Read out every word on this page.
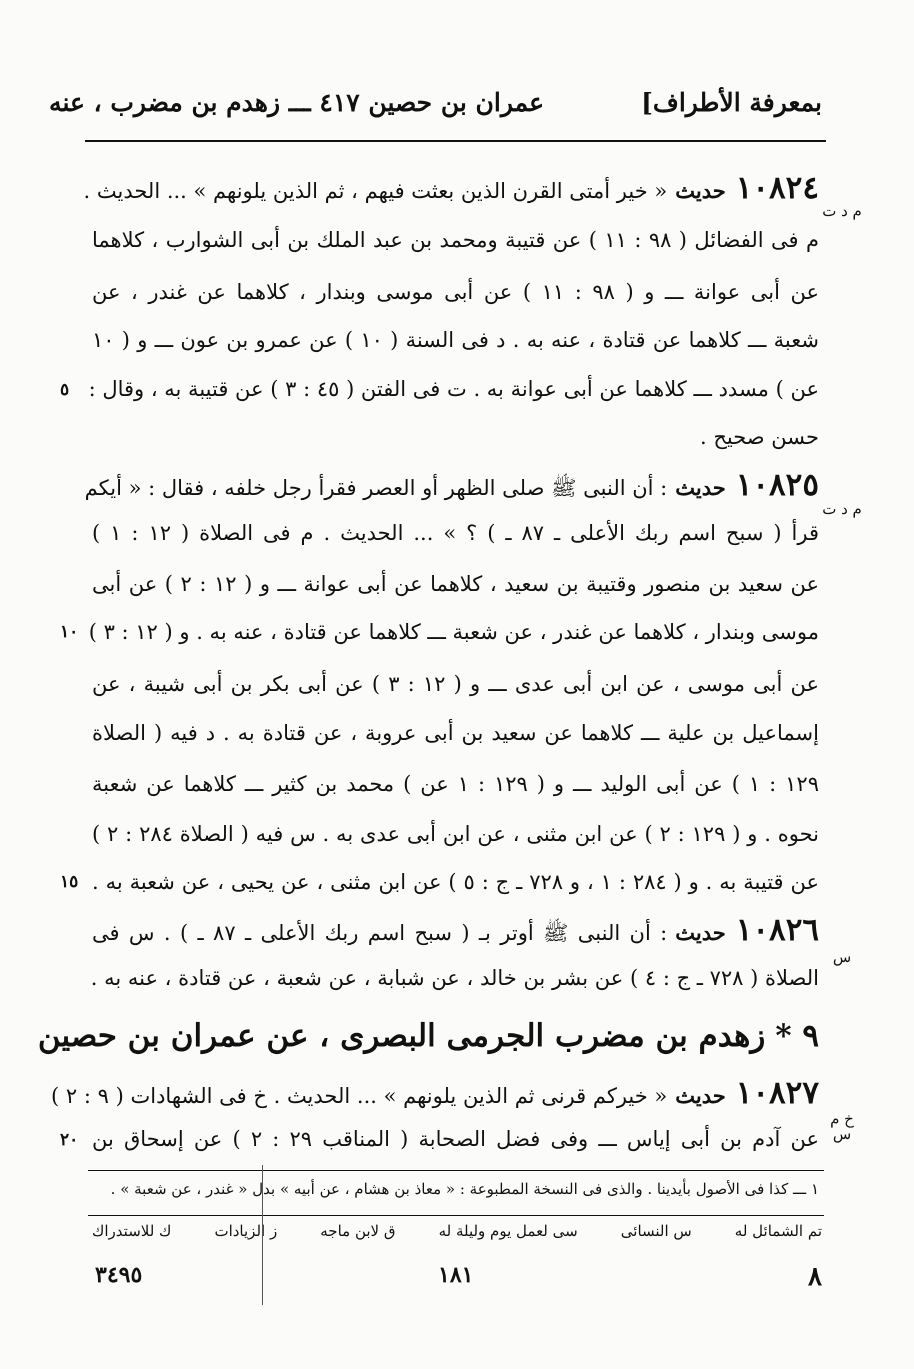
بمعرفة الأطراف]
عمران بن حصين ٤١٧ ـــ زهدم بن مضرب ، عنه
١٠٨٢٤حديث« خير أمتى القرن الذين بعثت فيهم ، ثم الذين يلونهم » ... الحديث .
م د ت
م فى الفضائل ( ٩٨ : ١١ ) عن قتيبة ومحمد بن عبد الملك بن أبى الشوارب ، كلاهما
عن أبى عوانة ـــ و ( ٩٨ : ١١ ) عن أبى موسى وبندار ، كلاهما عن غندر ، عن
شعبة ـــ كلاهما عن قتادة ، عنه به . د فى السنة ( ١٠ ) عن عمرو بن عون ـــ و ( ١٠
عن ) مسدد ـــ كلاهما عن أبى عوانة به . ت فى الفتن ( ٤٥ : ٣ ) عن قتيبة به ، وقال :
٥
حسن صحيح .
١٠٨٢٥حديث: أن النبى ﷺ صلى الظهر أو العصر فقرأ رجل خلفه ، فقال : « أيكم
م د ت
قرأ ( سبح اسم ربك الأعلى ـ ٨٧ ـ ) ؟ » ... الحديث . م فى الصلاة ( ١٢ : ١ )
عن سعيد بن منصور وقتيبة بن سعيد ، كلاهما عن أبى عوانة ـــ و ( ١٢ : ٢ ) عن أبى
موسى وبندار ، كلاهما عن غندر ، عن شعبة ـــ كلاهما عن قتادة ، عنه به . و ( ١٢ : ٣ )
١٠
عن أبى موسى ، عن ابن أبى عدى ـــ و ( ١٢ : ٣ ) عن أبى بكر بن أبى شيبة ، عن
إسماعيل بن علية ـــ كلاهما عن سعيد بن أبى عروبة ، عن قتادة به . د فيه ( الصلاة
١٢٩ : ١ ) عن أبى الوليد ـــ و ( ١٢٩ : ١ عن ) محمد بن كثير ـــ كلاهما عن شعبة
نحوه . و ( ١٢٩ : ٢ ) عن ابن مثنى ، عن ابن أبى عدى به . س فيه ( الصلاة ٢٨٤ : ٢ )
عن قتيبة به . و ( ٢٨٤ : ١ ، و ٧٢٨ ـ ج : ٥ ) عن ابن مثنى ، عن يحيى ، عن شعبة به .
١٥
١٠٨٢٦حديث: أن النبى ﷺ أوتر بـ ( سبح اسم ربك الأعلى ـ ٨٧ ـ ) . س فى
س
الصلاة ( ٧٢٨ ـ ج : ٤ ) عن بشر بن خالد ، عن شبابة ، عن شعبة ، عن قتادة ، عنه به .
٩ *زهدم بن مضرب الجرمى البصرى ، عن عمران بن حصين
١٠٨٢٧حديث« خيركم قرنى ثم الذين يلونهم » ... الحديث . خ فى الشهادات ( ٩ : ٢ )
خ م س
عن آدم بن أبى إياس ـــ وفى فضل الصحابة ( المناقب ٢٩ : ٢ ) عن إسحاق بن
٢٠
١ ـــ كذا فى الأصول بأيدينا . والذى فى النسخة المطبوعة : « معاذ بن هشام ، عن أبيه » بدل « غندر ، عن شعبة » .
تم الشمائل له
س النسائى
سى لعمل يوم وليلة له
ق لابن ماجه
ز الزيادات
ك للاستدراك
٨
١٨١
٣٤٩٥
